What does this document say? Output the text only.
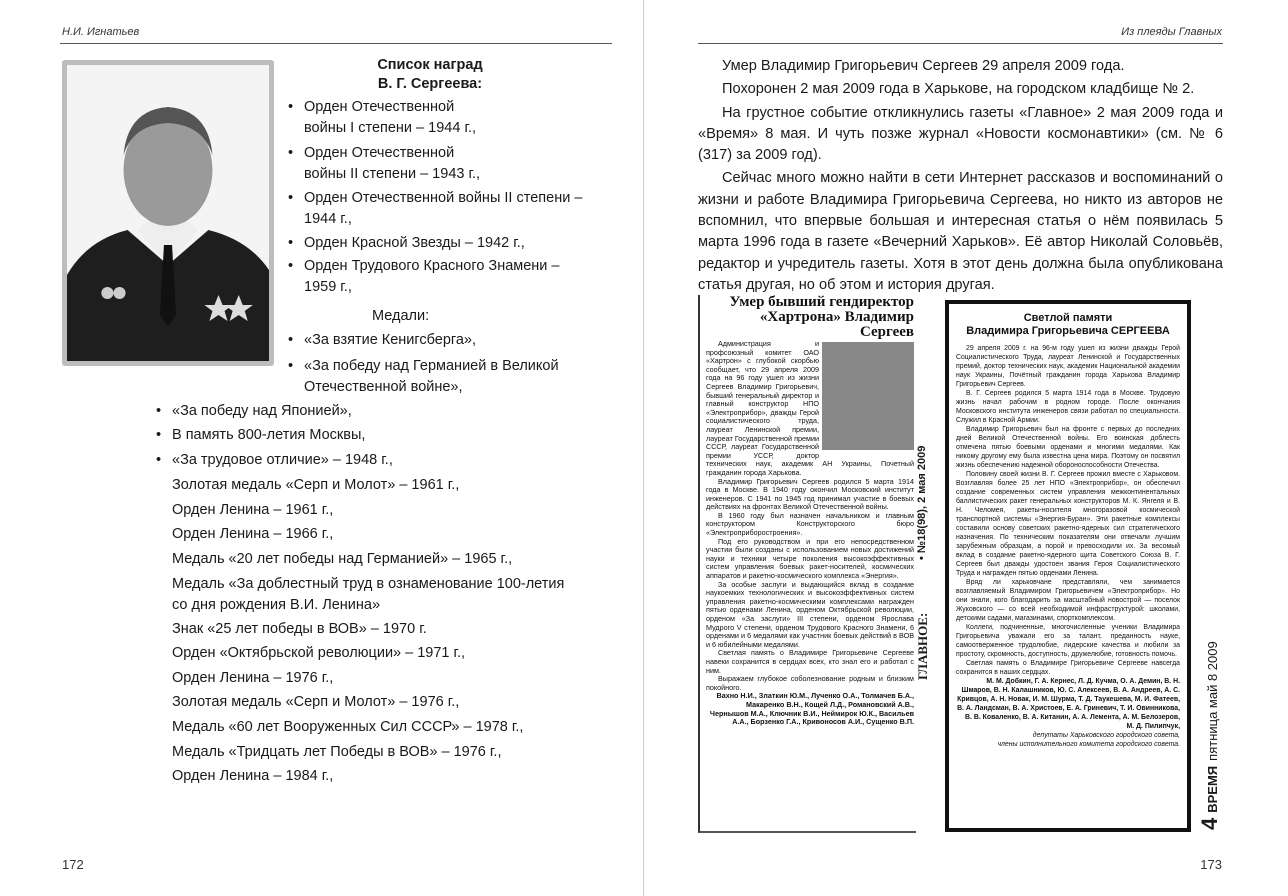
Н.И. Игнатьев
Список наград
В. Г. Сергеева:
• Орден Отечественной
войны I степени – 1944 г.,
• Орден Отечественной
войны II степени – 1943 г.,
• Орден Отечественной войны II степени –
1944 г.,
• Орден Красной Звезды – 1942 г.,
• Орден Трудового Красного Знамени –
1959 г.,
Медали:
• «За взятие Кенигсберга»,
• «За победу над Германией в Великой
Отечественной войне»,
• «За победу над Японией»,
• В память 800-летия Москвы,
• «За трудовое отличие» – 1948 г.,
Золотая медаль «Серп и Молот» – 1961 г.,
Орден Ленина – 1961 г.,
Орден Ленина – 1966 г.,
Медаль «20 лет победы над Германией» – 1965 г.,
Медаль «За доблестный труд в ознаменование 100-летия
со дня рождения В.И. Ленина»
Знак «25 лет победы в ВОВ» – 1970 г.
Орден «Октябрьской революции» – 1971 г.,
Орден Ленина – 1976 г.,
Золотая медаль «Серп и Молот» – 1976 г.,
Медаль «60 лет Вооруженных Сил СССР» – 1978 г.,
Медаль «Тридцать лет Победы в ВОВ» – 1976 г.,
Орден Ленина – 1984 г.,
172
Из плеяды Главных

Умер Владимир Григорьевич Сергеев 29 апреля 2009 года.

Похоронен 2 мая 2009 года в Харькове, на городском кладбище № 2.

На грустное событие откликнулись газеты «Главное» 2 мая 2009 года и «Время» 8 мая. И чуть позже журнал «Новости космонавтики» (см. № 6 (317) за 2009 год).

Сейчас много можно найти в сети Интернет рассказов и воспоминаний о жизни и работе Владимира Григорьевича Сергеева, но никто из авторов не вспомнил, что впервые большая и интересная статья о нём появилась 5 марта 1996 года в газете «Вечерний Харьков». Её автор Николай Соловьёв, редактор и учредитель газеты. Хотя в этот день должна была опубликована статья другая, но об этом и история другая.

Умер бывший гендиректор «Хартрона» Владимир Сергеев

Администрация и профсоюзный комитет ОАО «Хартрон» с глубокой скорбью сообщает, что 29 апреля 2009 года на 96 году ушел из жизни Сергеев Владимир Григорьевич, бывший генеральный директор и главный конструктор НПО «Электроприбор», дважды Герой социалистического труда, лауреат Ленинской премии, лауреат Государственной премии СССР, лауреат Государственной премии УССР, доктор технических наук, академик АН Украины, Почетный гражданин города Харькова.

Владимир Григорьевич Сергеев родился 5 марта 1914 года в Москве. В 1940 году окончил Московский институт инженеров. С 1941 по 1945 год принимал участие в боевых действиях на фронтах Великой Отечественной войны.

В 1960 году был назначен начальником и главным конструктором Конструкторского бюро «Электроприборостроения».

Под его руководством и при его непосредственном участии были созданы с использованием новых достижений науки и техники четыре поколения высокоэффективных систем управления боевых ракет-носителей, космических аппаратов и ракетно-космического комплекса «Энергия».

За особые заслуги и выдающийся вклад в создание наукоемких технологических и высокоэффективных систем управления ракетно-космическими комплексами награжден пятью орденами Ленина, орденом Октябрьской революции, орденом «За заслуги» III степени, орденом Ярослава Мудрого V степени, орденом Трудового Красного Знамени, 6 орденами и 6 медалями как участник боевых действий в ВОВ и 6 юбилейными медалями.

Светлая память о Владимире Григорьевиче Сергееве навеки сохранится в сердцах всех, кто знал его и работал с ним.

Выражаем глубокое соболезнование родным и близким покойного.

Вахно Н.И., Златкин Ю.М., Лученко О.А., Толмачев Б.А., Макаренко В.Н., Кощей Л.Д., Романовский А.В., Чернышов М.А., Ключник В.И., Неймирок Ю.К., Васильев А.А., Борзенко Г.А., Кривоносов А.И., Сущенко В.П.

ГЛАВНОЕ:
• №18(98), 2 мая 2009
Светлой памяти
Владимира Григорьевича СЕРГЕЕВА

29 апреля 2009 г. на 96-м году ушел из жизни дважды Герой Социалистического Труда, лауреат Ленинской и Государственных премий, доктор технических наук, академик Национальной академии наук Украины, Почётный гражданин города Харькова Владимир Григорьевич Сергеев.

В. Г. Сергеев родился 5 марта 1914 года в Москве. Трудовую жизнь начал рабочим в родном городе. После окончания Московского института инженеров связи работал по специальности. Служил в Красной Армии.

Владимир Григорьевич был на фронте с первых до последних дней Великой Отечественной войны. Его воинская доблесть отмечена пятью боевыми орденами и многими медалями. Как никому другому ему была известна цена мира. Поэтому он посвятил жизнь обеспечению надежной обороноспособности Отечества.

Половину своей жизни В. Г. Сергеев прожил вместе с Харьковом. Возглавляя более 25 лет НПО «Электроприбор», он обеспечил создание современных систем управления межконтинентальных баллистических ракет генеральных конструкторов М. К. Янгеля и В. Н. Челомея, ракеты-носителя многоразовой космической транспортной системы «Энергия-Буран». Эти ракетные комплексы составили основу советских ракетно-ядерных сил стратегического назначения. По техническим показателям они отвечали лучшим зарубежным образцам, а порой и превосходили их. За весомый вклад в создание ракетно-ядерного щита Советского Союза В. Г. Сергеев был дважды удостоен звания Героя Социалистического Труда и награжден пятью орденами Ленина.

Вряд ли харьковчане представляли, чем занимается возглавляемый Владимиром Григорьевичем «Электроприбор». Но они знали, кого благодарить за масштабный новострой — поселок Жуковского — со всей необходимой инфраструктурой: школами, детскими садами, магазинами, спорткомплексом.

Коллеги, подчиненные, многочисленные ученики Владимира Григорьевича уважали его за талант, преданность науке, самоотверженное трудолюбие, лидерские качества и любили за простоту, скромность, доступность, дружелюбие, готовность помочь.

Светлая память о Владимире Григорьевиче Сергееве навсегда сохранится в наших сердцах.

М. М. Добкин, Г. А. Кернес, Л. Д. Кучма, О. А. Демин, В. Н. Шмаров, В. Н. Калашников, Ю. С. Алексеев, В. А. Андреев, А. С. Кривцов, А. Н. Новак, И. М. Шурма, Т. Д. Таукешева, М. И. Фатеев, В. А. Ландсман, В. А. Христоев, Е. А. Гриневич, Т. И. Овинникова, В. В. Коваленко, В. А. Китанин, А. А. Лемента, А. М. Белозеров, М. Д. Пилипчук,

депутаты Харьковского городского совета,

члены исполнительного комитета городского совета.

4
ВРЕМЯ
пятница май 8 2009
173
